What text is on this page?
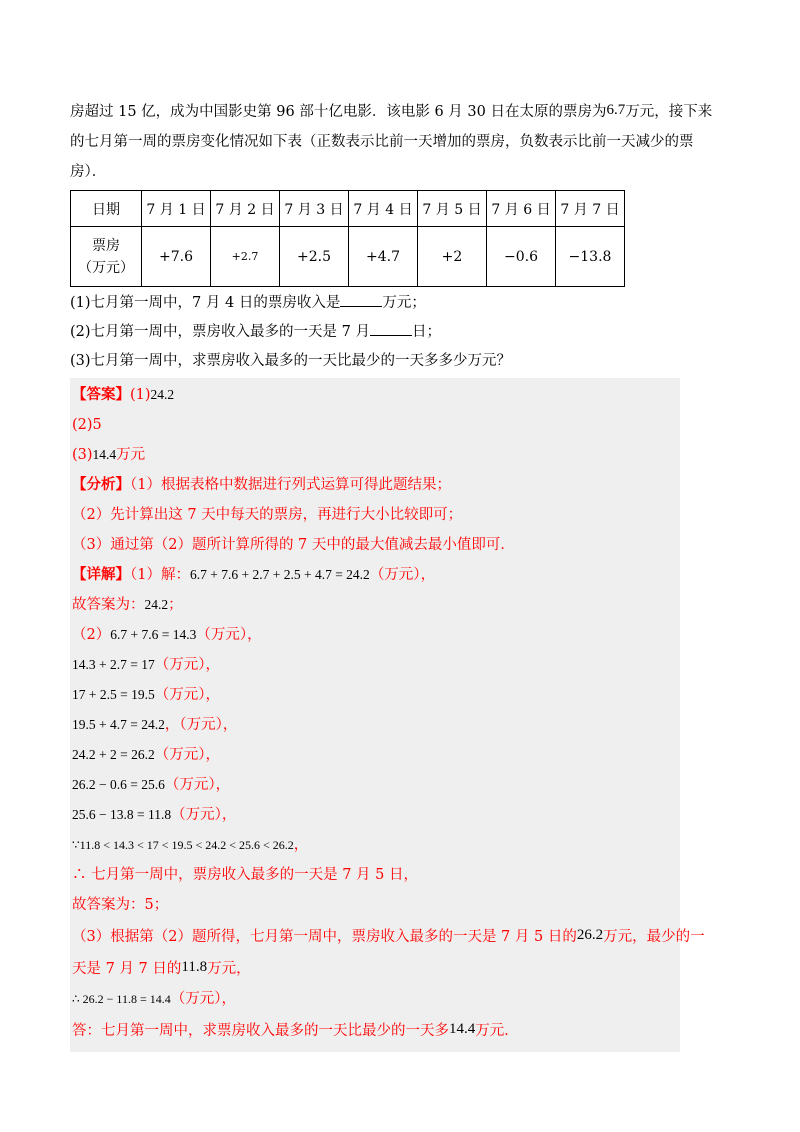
房超过 15 亿，成为中国影史第 96 部十亿电影．该电影 6 月 30 日在太原的票房为6.7万元，接下来

的七月第一周的票房变化情况如下表（正数表示比前一天增加的票房，负数表示比前一天减少的票

房）．

日期	7 月 1 日	7 月 2 日	7 月 3 日	7 月 4 日	7 月 5 日	7 月 6 日	7 月 7 日
票房
（万元）	+7.6	+2.7	+2.5	+4.7	+2	−0.6	−13.8

(1)七月第一周中，7 月 4 日的票房收入是	万元；

(2)七月第一周中，票房收入最多的一天是 7 月	日；

(3)七月第一周中，求票房收入最多的一天比最少的一天多多少万元？

【答案】(1)24.2
(2)5
(3)14.4万元
【分析】（1）根据表格中数据进行列式运算可得此题结果；
（2）先计算出这 7 天中每天的票房，再进行大小比较即可；
（3）通过第（2）题所计算所得的 7 天中的最大值减去最小值即可．
【详解】（1）解：6.7 + 7.6 + 2.7 + 2.5 + 4.7 = 24.2（万元），
故答案为：24.2；
（2）6.7 + 7.6 = 14.3（万元），
14.3 + 2.7 = 17（万元），
17 + 2.5 = 19.5（万元），
19.5 + 4.7 = 24.2，（万元），
24.2 + 2 = 26.2（万元），
26.2 − 0.6 = 25.6（万元），
25.6 − 13.8 = 11.8（万元），
∵11.8 < 14.3 < 17 < 19.5 < 24.2 < 25.6 < 26.2，
∴ 七月第一周中，票房收入最多的一天是 7 月 5 日，
故答案为：5；
（3）根据第（2）题所得，七月第一周中，票房收入最多的一天是 7 月 5 日的26.2万元，最少的一
天是 7 月 7 日的11.8万元，
∴ 26.2 − 11.8 = 14.4（万元），
答：七月第一周中，求票房收入最多的一天比最少的一天多14.4万元．
